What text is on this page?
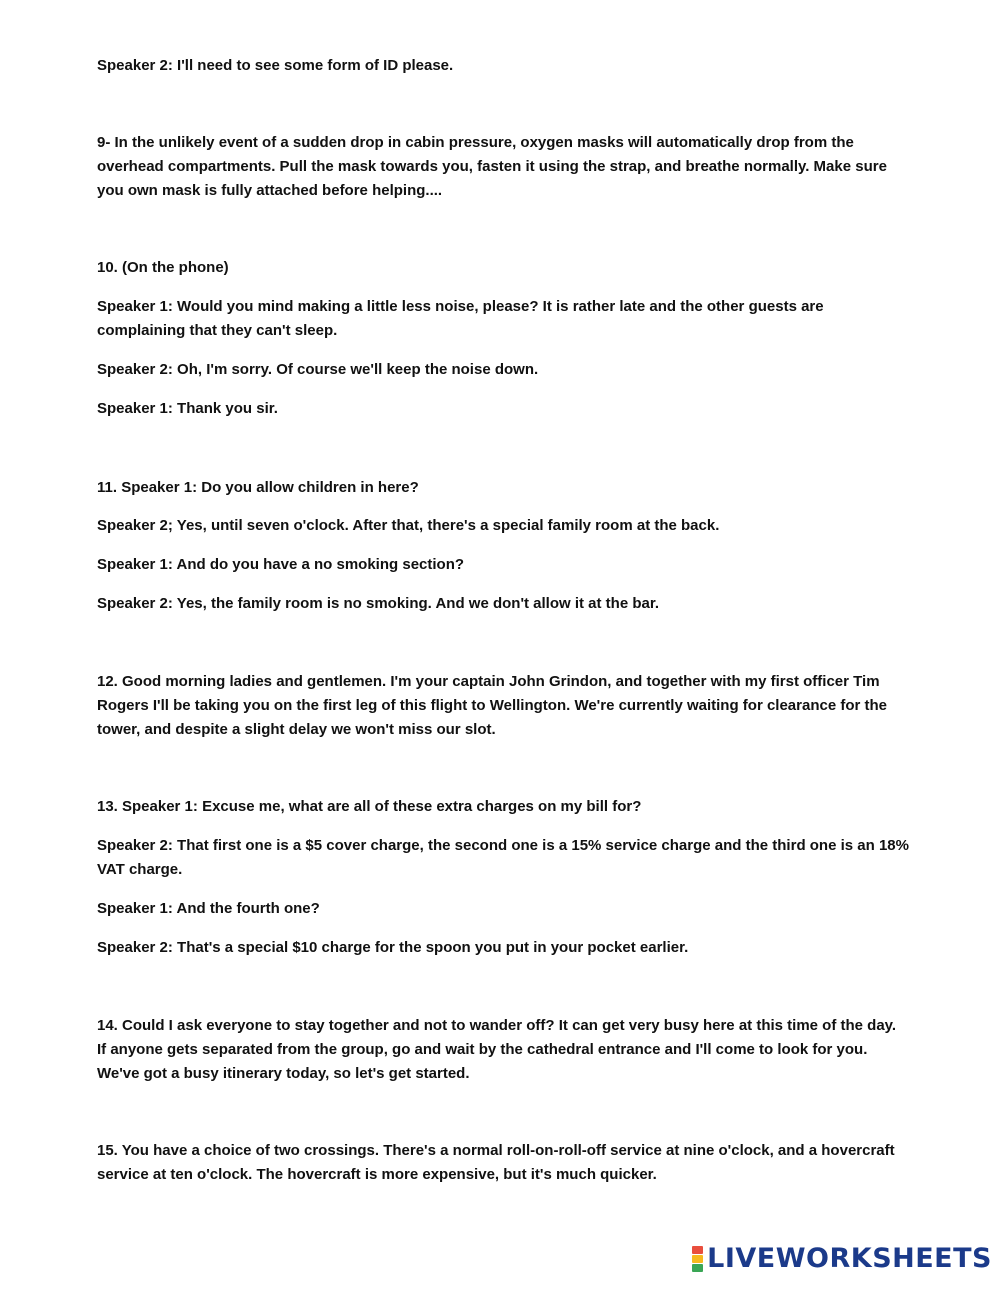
Speaker 2: I'll need to see some form of ID please.

9- In the unlikely event of a sudden drop in cabin pressure, oxygen masks will automatically drop from the overhead compartments. Pull the mask towards you, fasten it using the strap, and breathe normally. Make sure you own mask is fully attached before helping....

10. (On the phone)

Speaker 1: Would you mind making a little less noise, please? It is rather late and the other guests are complaining that they can't sleep.

Speaker 2: Oh, I'm sorry. Of course we'll keep the noise down.

Speaker 1: Thank you sir.

11. Speaker 1: Do you allow children in here?

Speaker 2; Yes, until seven o'clock. After that, there's a special family room at the back.

Speaker 1: And do you have a no smoking section?

Speaker 2: Yes, the family room is no smoking. And we don't allow it at the bar.

12. Good morning ladies and gentlemen. I'm your captain John Grindon, and together with my first officer Tim Rogers I'll be taking you on the first leg of this flight to Wellington. We're currently waiting for clearance for the tower, and despite a slight delay we won't miss our slot.

13. Speaker 1: Excuse me, what are all of these extra charges on my bill for?

Speaker 2: That first one is a $5 cover charge, the second one is a 15% service charge and the third one is an 18% VAT charge.

Speaker 1: And the fourth one?

Speaker 2: That's a special $10 charge for the spoon you put in your pocket earlier.

14. Could I ask everyone to stay together and not to wander off? It can get very busy here at this time of the day. If anyone gets separated from the group, go and wait by the cathedral entrance and I'll come to look for you. We've got a busy itinerary today, so let's get started.

15. You have a choice of two crossings. There's a normal roll-on-roll-off service at nine o'clock, and a hovercraft service at ten o'clock. The hovercraft is more expensive, but it's much quicker.

LIVEWORKSHEETS
